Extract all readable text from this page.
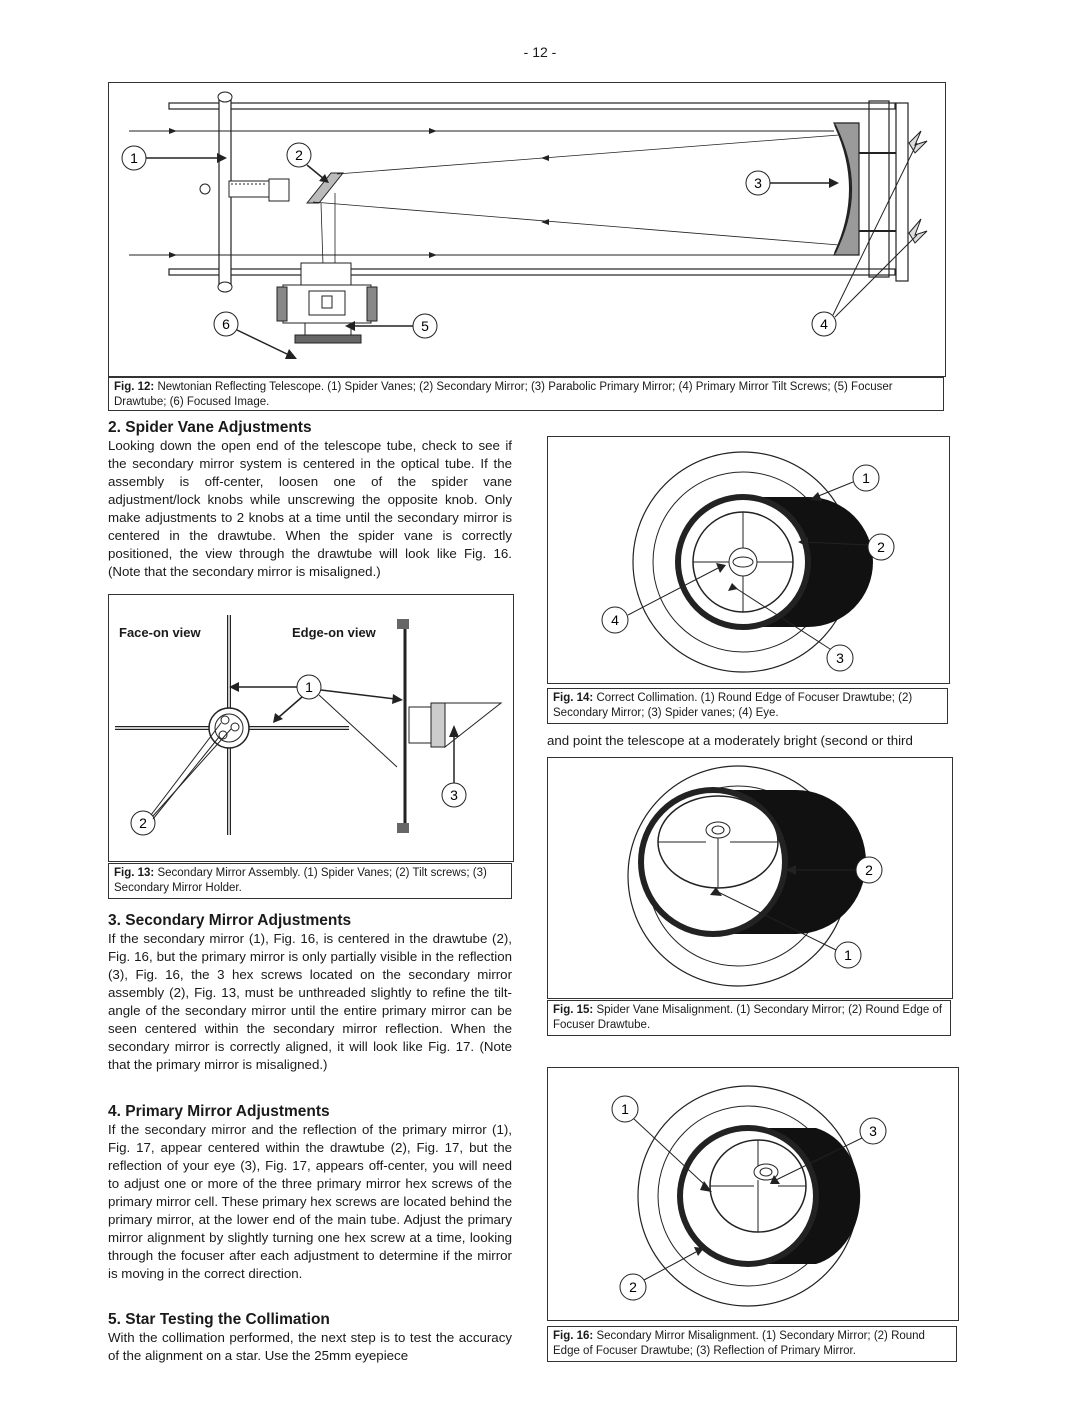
- 12 -
1	2
3
4
5
6
Fig. 12: Newtonian Reflecting Telescope. (1) Spider Vanes; (2) Secondary Mirror; (3) Parabolic Primary Mirror; (4) Primary Mirror Tilt Screws; (5) Focuser Drawtube; (6) Focused Image.
2. Spider Vane Adjustments

Looking down the open end of the telescope tube, check to see if the secondary mirror system is centered in the optical tube. If the assembly is off-center, loosen one of the spider vane adjustment/lock knobs while unscrewing the opposite knob. Only make adjustments to 2 knobs at a time until the secondary mirror is centered in the drawtube. When the spider vane is correctly positioned, the view through the drawtube will look like Fig. 16. (Note that the secondary mirror is misaligned.)

Face-on view	Edge-on view
1
2
3
Fig. 13: Secondary Mirror Assembly. (1) Spider Vanes; (2) Tilt screws; (3) Secondary Mirror Holder.
3. Secondary Mirror Adjustments

If the secondary mirror (1), Fig. 16, is centered in the drawtube (2), Fig. 16, but the primary mirror is only partially visible in the reflection (3), Fig. 16, the 3 hex screws located on the secondary mirror assembly (2), Fig. 13, must be unthreaded slightly to refine the tilt-angle of the secondary mirror until the entire primary mirror can be seen centered within the secondary mirror reflection. When the secondary mirror is correctly aligned, it will look like Fig. 17. (Note that the primary mirror is misaligned.)

4. Primary Mirror Adjustments

If the secondary mirror and the reflection of the primary mirror (1), Fig. 17, appear centered within the drawtube (2), Fig. 17, but the reflection of your eye (3), Fig. 17, appears off-center, you will need to adjust one or more of the three primary mirror hex screws of the primary mirror cell. These primary hex screws are located behind the primary mirror, at the lower end of the main tube. Adjust the primary mirror alignment by slightly turning one hex screw at a time, looking through the focuser after each adjustment to determine if the mirror is moving in the correct direction.

5. Star Testing the Collimation

With the collimation performed, the next step is to test the accuracy of the alignment on a star. Use the 25mm eyepiece

1
2
3
4
Fig. 14: Correct Collimation. (1) Round Edge of Focuser Drawtube; (2) Secondary Mirror; (3) Spider vanes; (4) Eye.
and point the telescope at a moderately bright (second or third
2
1
Fig. 15: Spider Vane Misalignment. (1) Secondary Mirror; (2) Round Edge of Focuser Drawtube.
1
3
2
Fig. 16: Secondary Mirror Misalignment. (1) Secondary Mirror; (2) Round Edge of Focuser Drawtube; (3) Reflection of Primary Mirror.
